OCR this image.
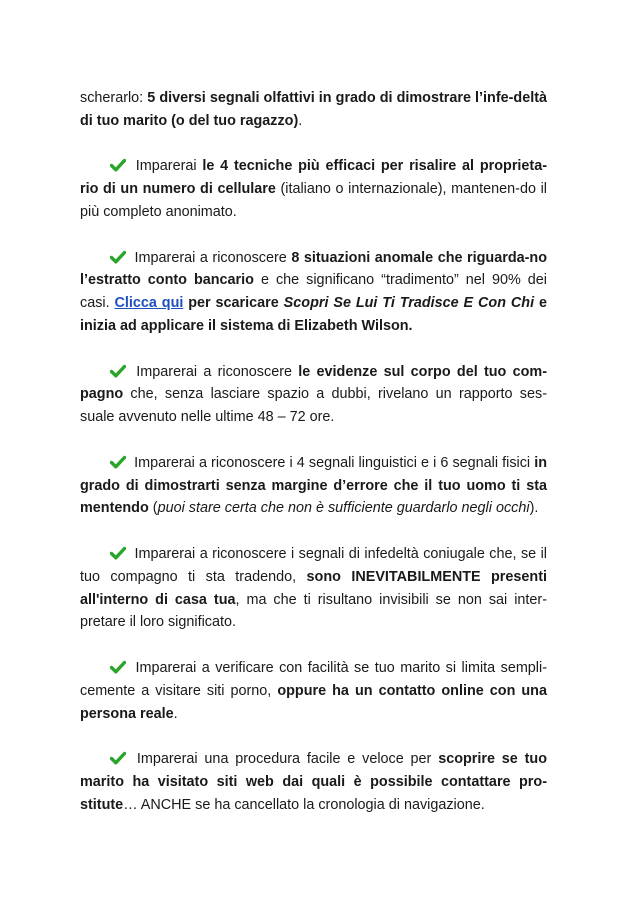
scherarlo: 5 diversi segnali olfattivi in grado di dimostrare l’infe-deltà di tuo marito (o del tuo ragazzo).

Imparerai le 4 tecniche più efficaci per risalire al proprieta-rio di un numero di cellulare (italiano o internazionale), mantenen-do il più completo anonimato.

Imparerai a riconoscere 8 situazioni anomale che riguarda-no l’estratto conto bancario e che significano “tradimento” nel 90% dei casi. Clicca qui per scaricare Scopri Se Lui Ti Tradisce E Con Chi e inizia ad applicare il sistema di Elizabeth Wilson.

Imparerai a riconoscere le evidenze sul corpo del tuo com-pagno che, senza lasciare spazio a dubbi, rivelano un rapporto ses-suale avvenuto nelle ultime 48 – 72 ore.

Imparerai a riconoscere i 4 segnali linguistici e i 6 segnali fisici in grado di dimostrarti senza margine d’errore che il tuo uomo ti sta mentendo (puoi stare certa che non è sufficiente guardarlo negli occhi).

Imparerai a riconoscere i segnali di infedeltà coniugale che, se il tuo compagno ti sta tradendo, sono INEVITABILMENTE presenti all'interno di casa tua, ma che ti risultano invisibili se non sai inter-pretare il loro significato.

Imparerai a verificare con facilità se tuo marito si limita sempli-cemente a visitare siti porno, oppure ha un contatto online con una persona reale.

Imparerai una procedura facile e veloce per scoprire se tuo marito ha visitato siti web dai quali è possibile contattare pro-stitute… ANCHE se ha cancellato la cronologia di navigazione.
